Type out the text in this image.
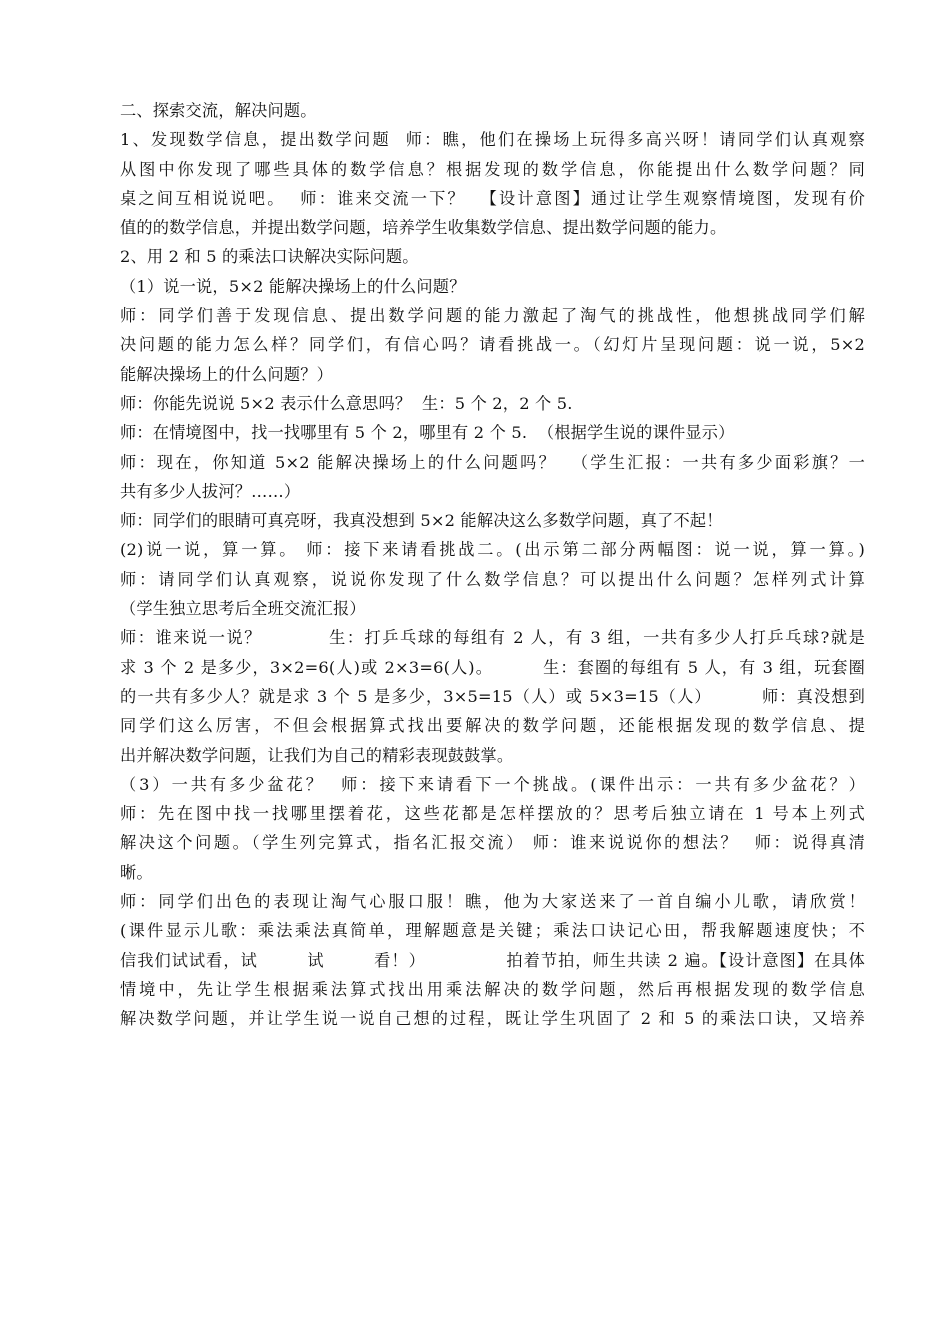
二、探索交流，解决问题。
1、发现数学信息，提出数学问题  师：瞧，他们在操场上玩得多高兴呀！请同学们认真观察
从图中你发现了哪些具体的数学信息？根据发现的数学信息，你能提出什么数学问题？同
桌之间互相说说吧。  师：谁来交流一下？  【设计意图】通过让学生观察情境图，发现有价
值的的数学信息，并提出数学问题，培养学生收集数学信息、提出数学问题的能力。
2、用 2 和 5 的乘法口诀解决实际问题。
（1）说一说，5×2 能解决操场上的什么问题？
师：同学们善于发现信息、提出数学问题的能力激起了淘气的挑战性，他想挑战同学们解
决问题的能力怎么样？同学们，有信心吗？请看挑战一。（幻灯片呈现问题：说一说，5×2
能解决操场上的什么问题？）
师：你能先说说 5×2 表示什么意思吗？  生：5 个 2，2 个 5.
师：在情境图中，找一找哪里有 5 个 2，哪里有 2 个 5.  （根据学生说的课件显示）
师：现在，你知道 5×2 能解决操场上的什么问题吗？  （学生汇报：一共有多少面彩旗？一
共有多少人拔河？……）
师：同学们的眼睛可真亮呀，我真没想到 5×2 能解决这么多数学问题，真了不起！
(2)说一说，算一算。 师：接下来请看挑战二。(出示第二部分两幅图：说一说，算一算。)
师：请同学们认真观察，说说你发现了什么数学信息？可以提出什么问题？怎样列式计算
（学生独立思考后全班交流汇报）
师：谁来说一说？          生：打乒乓球的每组有 2 人，有 3 组，一共有多少人打乒乓球?就是
求 3 个 2 是多少，3×2=6(人)或 2×3=6(人)。        生：套圈的每组有 5 人，有 3 组，玩套圈
的一共有多少人？就是求 3 个 5 是多少，3×5=15（人）或 5×3=15（人）        师：真没想到
同学们这么厉害，不但会根据算式找出要解决的数学问题，还能根据发现的数学信息、提
出并解决数学问题，让我们为自己的精彩表现鼓鼓掌。
（3）一共有多少盆花？  师：接下来请看下一个挑战。(课件出示：一共有多少盆花？）
师：先在图中找一找哪里摆着花，这些花都是怎样摆放的？思考后独立请在 1 号本上列式
解决这个问题。（学生列完算式，指名汇报交流） 师：谁来说说你的想法？  师：说得真清
晰。
师：同学们出色的表现让淘气心服口服！瞧，他为大家送来了一首自编小儿歌，请欣赏！
(课件显示儿歌：乘法乘法真简单，理解题意是关键；乘法口诀记心田，帮我解题速度快；不
信我们试试看，试        试        看！）             拍着节拍，师生共读 2 遍。【设计意图】在具体
情境中，先让学生根据乘法算式找出用乘法解决的数学问题，然后再根据发现的数学信息
解决数学问题，并让学生说一说自己想的过程，既让学生巩固了 2 和 5 的乘法口诀，又培养
